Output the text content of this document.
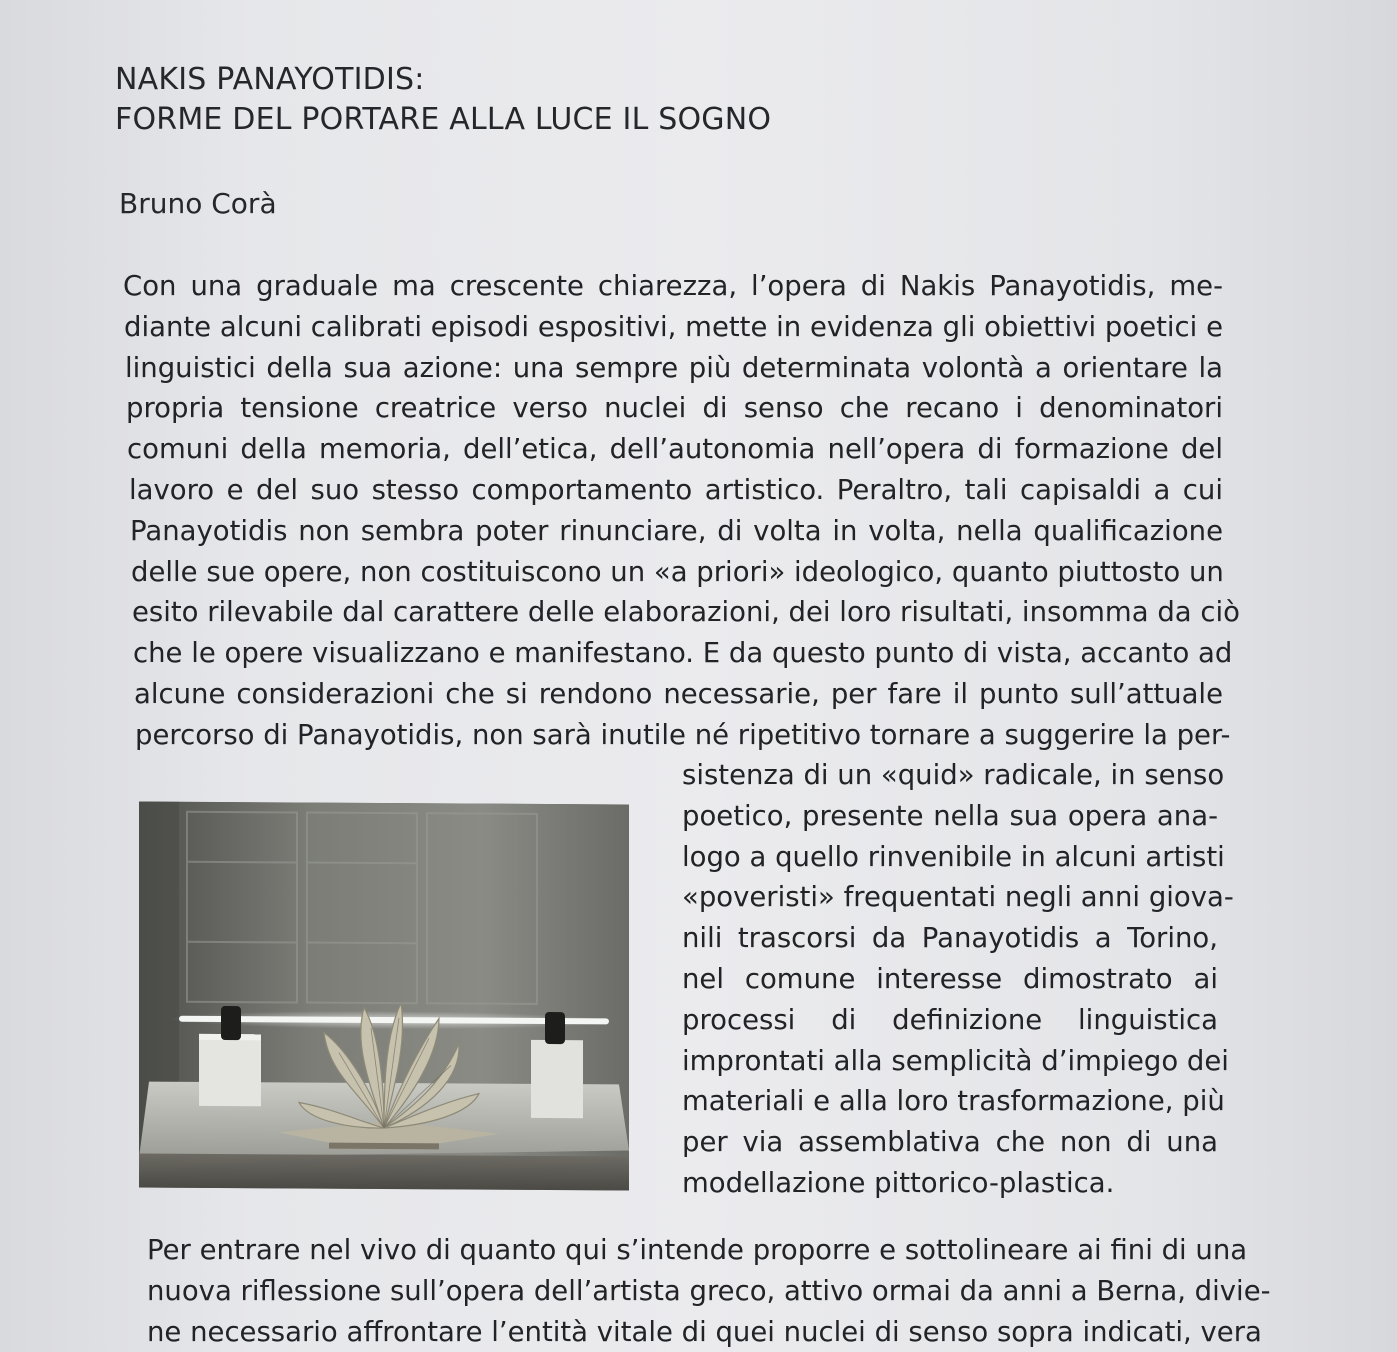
NAKIS PANAYOTIDIS:
FORME DEL PORTARE ALLA LUCE IL SOGNO
Bruno Corà

Con una graduale ma crescente chiarezza, l’opera di Nakis Panayotidis, me-
diante alcuni calibrati episodi espositivi, mette in evidenza gli obiettivi poetici e
linguistici della sua azione: una sempre più determinata volontà a orientare la
propria tensione creatrice verso nuclei di senso che recano i denominatori
comuni della memoria, dell’etica, dell’autonomia nell’opera di formazione del
lavoro e del suo stesso comportamento artistico. Peraltro, tali capisaldi a cui
Panayotidis non sembra poter rinunciare, di volta in volta, nella qualificazione
delle sue opere, non costituiscono un «a priori» ideologico, quanto piuttosto un
esito rilevabile dal carattere delle elaborazioni, dei loro risultati, insomma da ciò
che le opere visualizzano e manifestano. E da questo punto di vista, accanto ad
alcune considerazioni che si rendono necessarie, per fare il punto sull’attuale
percorso di Panayotidis, non sarà inutile né ripetitivo tornare a suggerire la per-

sistenza di un «quid» radicale, in senso
poetico, presente nella sua opera ana-
logo a quello rinvenibile in alcuni artisti
«poveristi» frequentati negli anni giova-
nili trascorsi da Panayotidis a Torino,
nel comune interesse dimostrato ai
processi di definizione linguistica
improntati alla semplicità d’impiego dei
materiali e alla loro trasformazione, più
per via assemblativa che non di una
modellazione pittorico-plastica.

Per entrare nel vivo di quanto qui s’intende proporre e sottolineare ai fini di una
nuova riflessione sull’opera dell’artista greco, attivo ormai da anni a Berna, divie-
ne necessario affrontare l’entità vitale di quei nuclei di senso sopra indicati, vera
